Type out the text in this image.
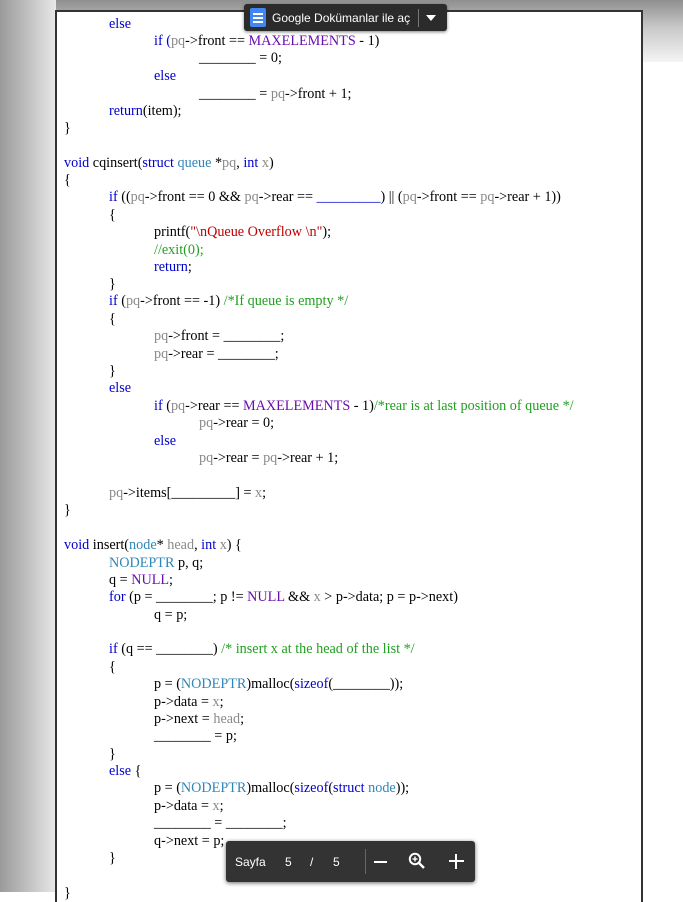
else
if (pq->front == MAXELEMENTS - 1)
________ = 0;
else
________ = pq->front + 1;
return(item);
}
void cqinsert(struct queue *pq, int x)
{
if ((pq->front == 0 && pq->rear == _________) || (pq->front == pq->rear + 1))
{
printf("\nQueue Overflow \n");
//exit(0);
return;
}
if (pq->front == -1) /*If queue is empty */
{
pq->front = ________;
pq->rear = ________;
}
else
if (pq->rear == MAXELEMENTS - 1)/*rear is at last position of queue */
pq->rear = 0;
else
pq->rear = pq->rear + 1;
pq->items[_________] = x;
}
void insert(node* head, int x) {
NODEPTR p, q;
q = NULL;
for (p = ________; p != NULL && x > p->data; p = p->next)
q = p;
if (q == ________) /* insert x at the head of the list */
{
p = (NODEPTR)malloc(sizeof(________));
p->data = x;
p->next = head;
________ = p;
}
else {
p = (NODEPTR)malloc(sizeof(struct node));
p->data = x;
________ = ________;
q->next = p;
}
}
Google Dokümanlar ile aç
Sayfa 5 / 5
